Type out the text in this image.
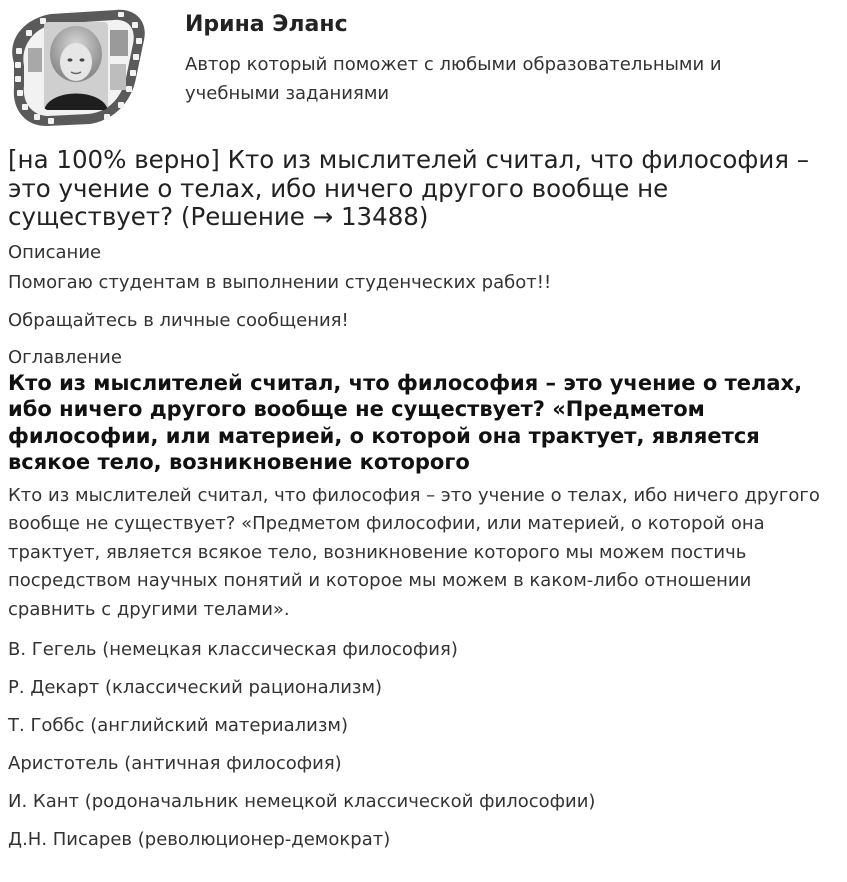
Ирина Эланс
Автор который поможет с любыми образовательными и учебными заданиями
[на 100% верно] Кто из мыслителей считал, что философия – это учение о телах, ибо ничего другого вообще не существует? (Решение → 13488)
Описание

Помогаю студентам в выполнении студенческих работ!!

Обращайтесь в личные сообщения!

Оглавление
Кто из мыслителей считал, что философия – это учение о телах, ибо ничего другого вообще не существует? «Предметом философии, или материей, о которой она трактует, является всякое тело, возникновение которого

Кто из мыслителей считал, что философия – это учение о телах, ибо ничего другого вообще не существует? «Предметом философии, или материей, о которой она трактует, является всякое тело, возникновение которого мы можем постичь посредством научных понятий и которое мы можем в каком-либо отношении сравнить с другими телами».

В. Гегель (немецкая классическая философия)
Р. Декарт (классический рационализм)
Т. Гоббс (английский материализм)
Аристотель (античная философия)
И. Кант (родоначальник немецкой классической философии)
Д.Н. Писарев (революционер-демократ)
